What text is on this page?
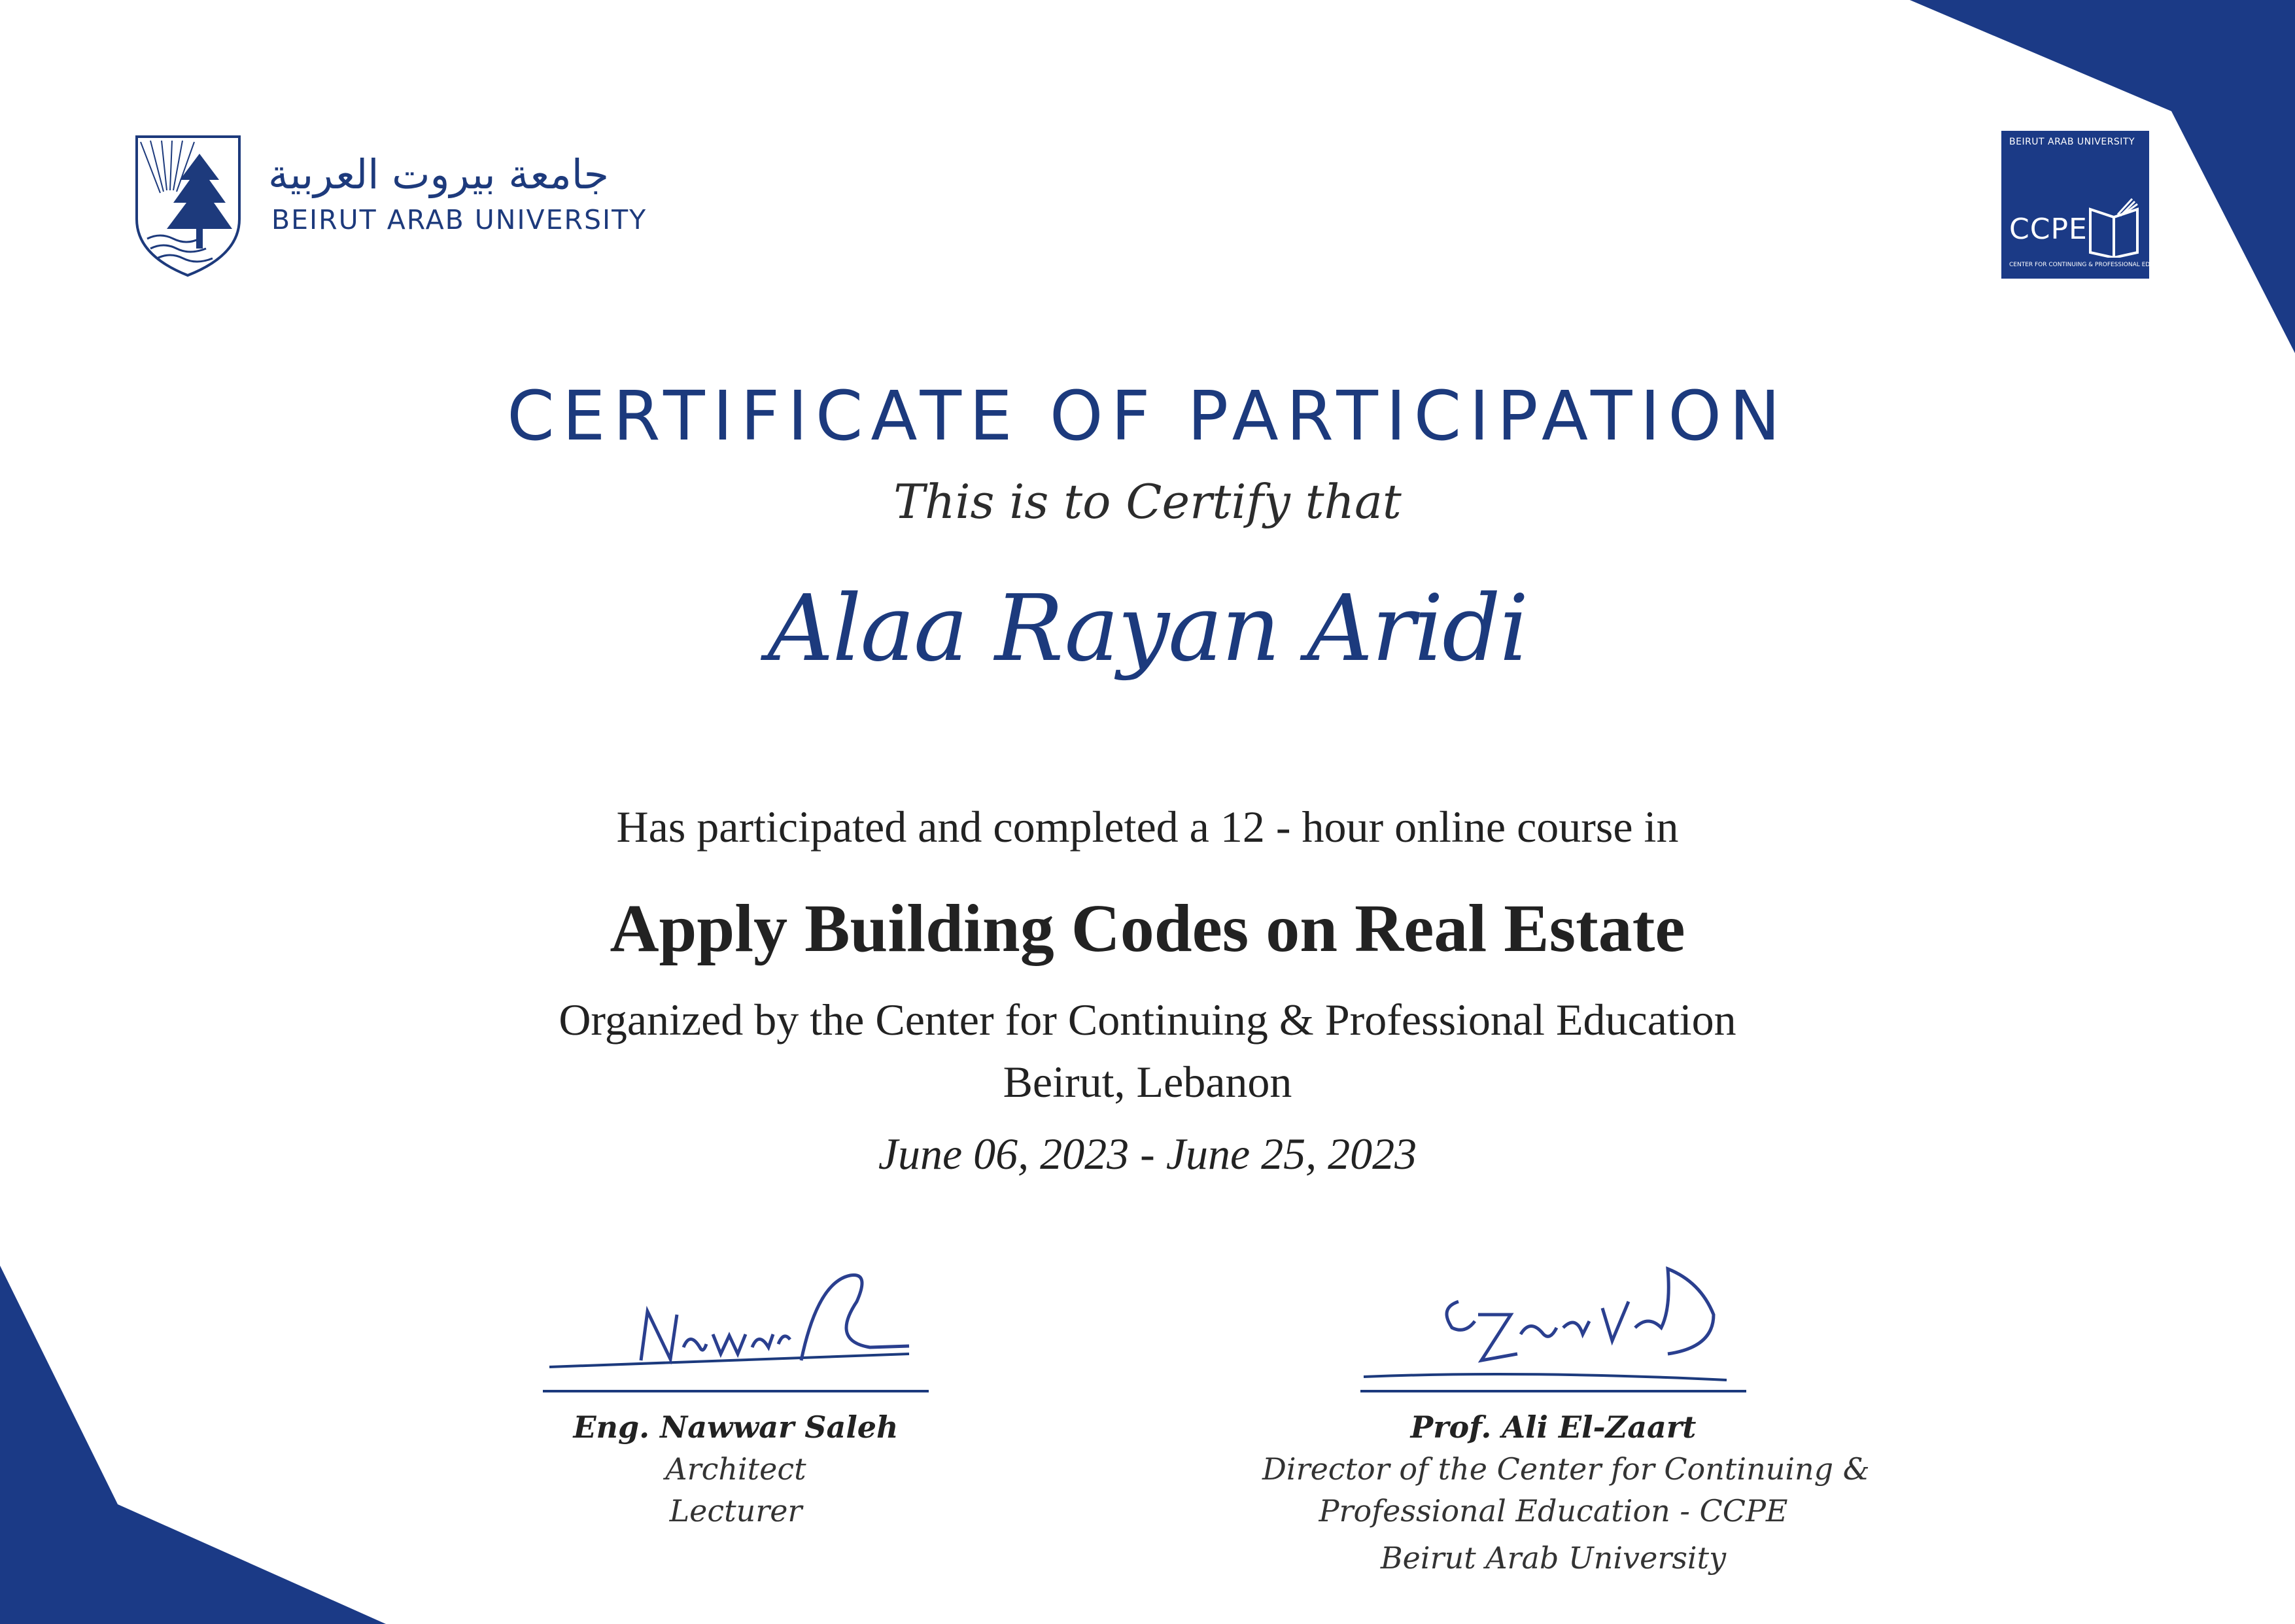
جامعة بيروت العربية
BEIRUT ARAB UNIVERSITY
BEIRUT ARAB UNIVERSITY
CCPE
CENTER FOR CONTINUING & PROFESSIONAL EDUCATION
CERTIFICATE OF PARTICIPATION
This is to Certify that
Alaa Rayan Aridi
Has participated and completed a 12 - hour online course in
Apply Building Codes on Real Estate
Organized by the Center for Continuing & Professional Education
Beirut, Lebanon
June 06, 2023 - June 25, 2023
Eng. Nawwar Saleh
Architect
Lecturer
Prof. Ali El-Zaart
Director of the Center for Continuing &
Professional Education - CCPE
Beirut Arab University
